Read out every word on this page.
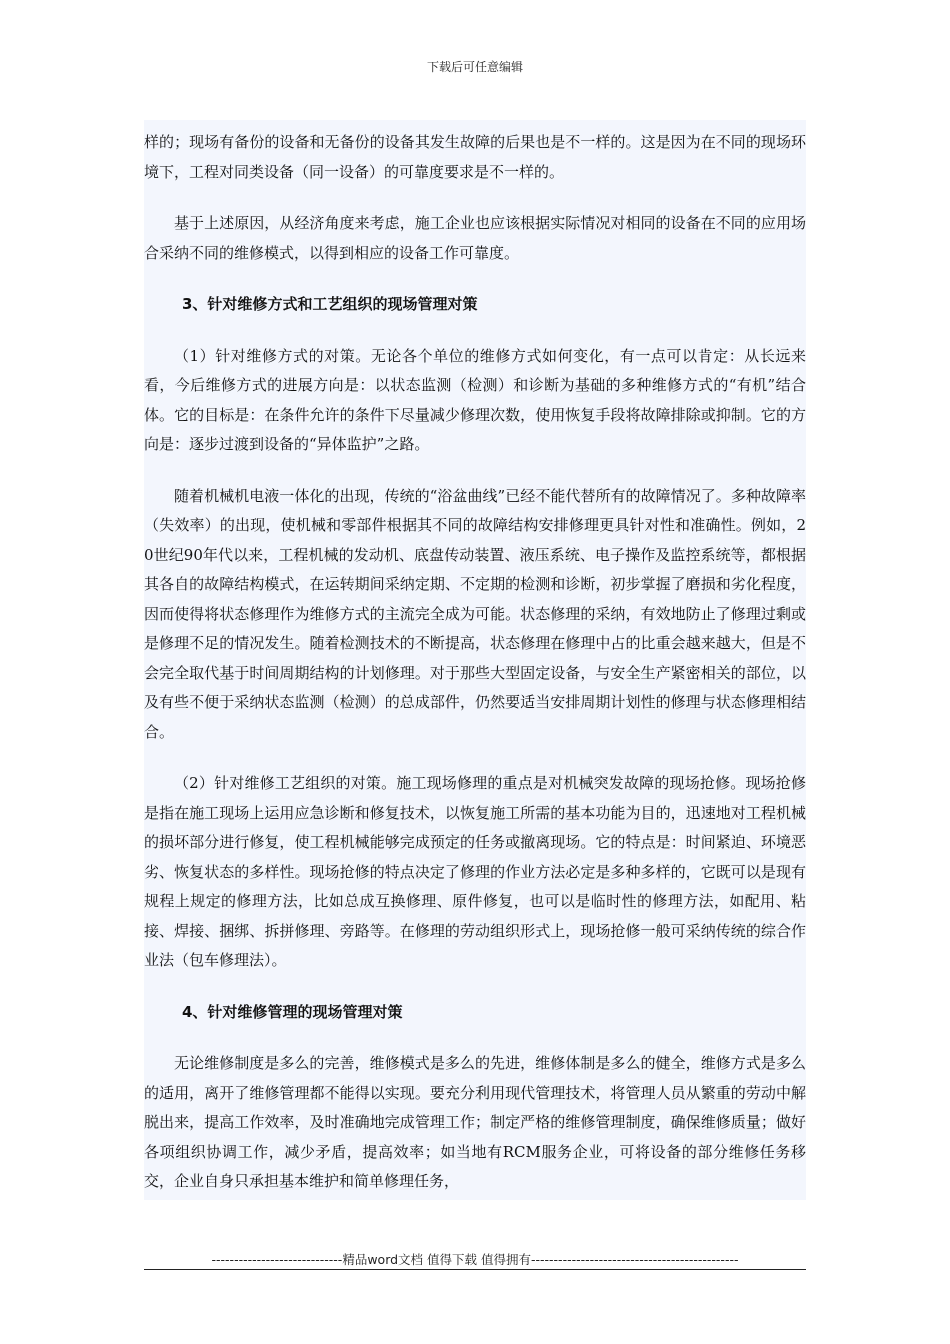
下载后可任意编辑

样的；现场有备份的设备和无备份的设备其发生故障的后果也是不一样的。这是因为在不同的现场环境下，工程对同类设备（同一设备）的可靠度要求是不一样的。

基于上述原因，从经济角度来考虑，施工企业也应该根据实际情况对相同的设备在不同的应用场合采纳不同的维修模式，以得到相应的设备工作可靠度。

3、针对维修方式和工艺组织的现场管理对策

（1）针对维修方式的对策。无论各个单位的维修方式如何变化，有一点可以肯定：从长远来看，今后维修方式的进展方向是：以状态监测（检测）和诊断为基础的多种维修方式的“有机”结合体。它的目标是：在条件允许的条件下尽量减少修理次数，使用恢复手段将故障排除或抑制。它的方向是：逐步过渡到设备的“异体监护”之路。

随着机械机电液一体化的出现，传统的“浴盆曲线”已经不能代替所有的故障情况了。多种故障率（失效率）的出现，使机械和零部件根据其不同的故障结构安排修理更具针对性和准确性。例如，20世纪90年代以来，工程机械的发动机、底盘传动装置、液压系统、电子操作及监控系统等，都根据其各自的故障结构模式，在运转期间采纳定期、不定期的检测和诊断，初步掌握了磨损和劣化程度，因而使得将状态修理作为维修方式的主流完全成为可能。状态修理的采纳，有效地防止了修理过剩或是修理不足的情况发生。随着检测技术的不断提高，状态修理在修理中占的比重会越来越大，但是不会完全取代基于时间周期结构的计划修理。对于那些大型固定设备，与安全生产紧密相关的部位，以及有些不便于采纳状态监测（检测）的总成部件，仍然要适当安排周期计划性的修理与状态修理相结合。

（2）针对维修工艺组织的对策。施工现场修理的重点是对机械突发故障的现场抢修。现场抢修是指在施工现场上运用应急诊断和修复技术，以恢复施工所需的基本功能为目的，迅速地对工程机械的损坏部分进行修复，使工程机械能够完成预定的任务或撤离现场。它的特点是：时间紧迫、环境恶劣、恢复状态的多样性。现场抢修的特点决定了修理的作业方法必定是多种多样的，它既可以是现有规程上规定的修理方法，比如总成互换修理、原件修复，也可以是临时性的修理方法，如配用、粘接、焊接、捆绑、拆拼修理、旁路等。在修理的劳动组织形式上，现场抢修一般可采纳传统的综合作业法（包车修理法）。

4、针对维修管理的现场管理对策

无论维修制度是多么的完善，维修模式是多么的先进，维修体制是多么的健全，维修方式是多么的适用，离开了维修管理都不能得以实现。要充分利用现代管理技术，将管理人员从繁重的劳动中解脱出来，提高工作效率，及时准确地完成管理工作；制定严格的维修管理制度，确保维修质量；做好各项组织协调工作，减少矛盾，提高效率；如当地有RCM服务企业，可将设备的部分维修任务移交，企业自身只承担基本维护和简单修理任务，

-----------------------------精品word文档 值得下载 值得拥有----------------------------------------------
